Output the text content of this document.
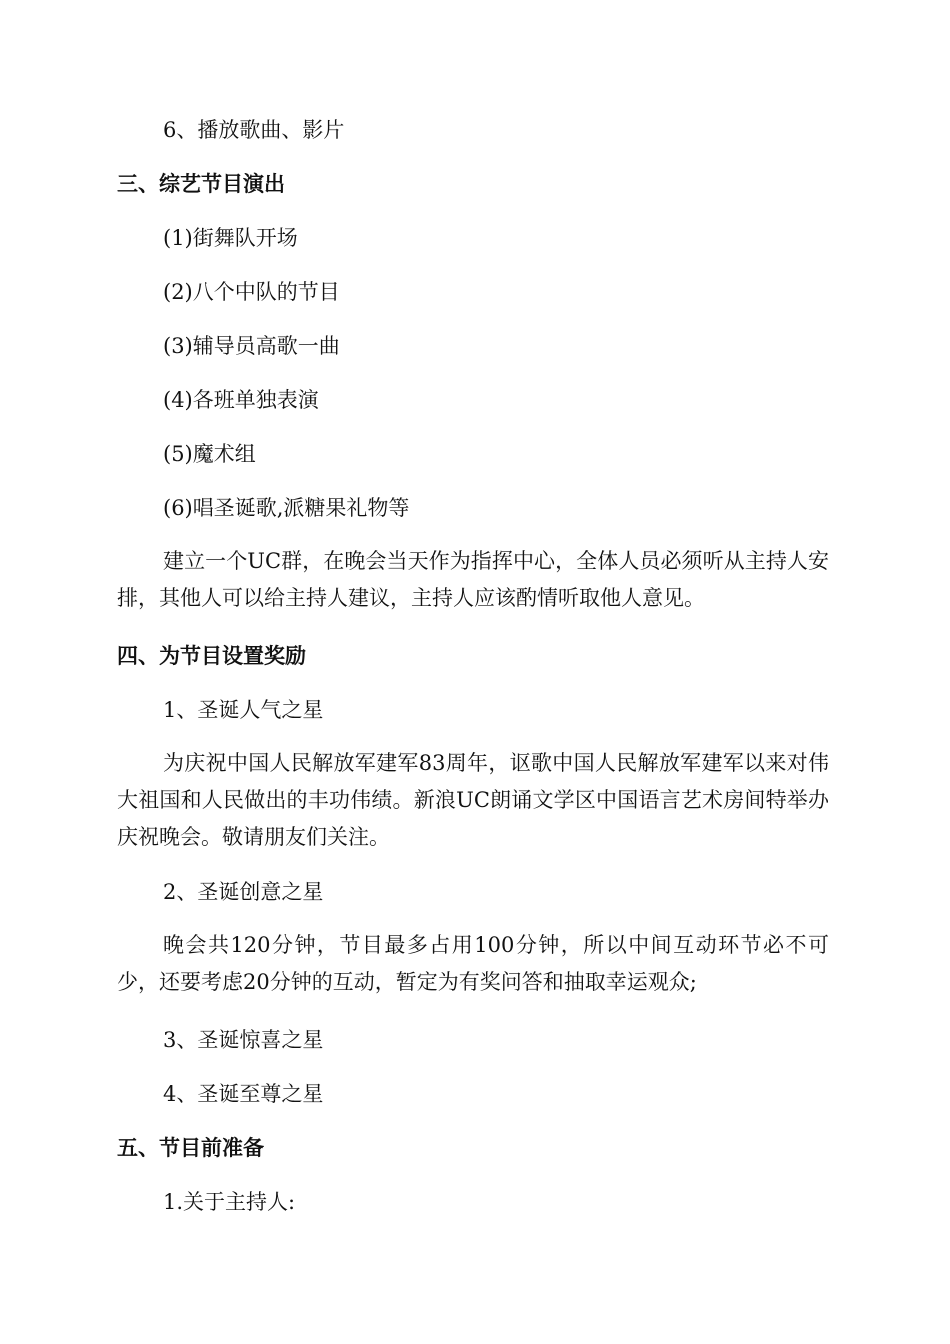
6、播放歌曲、影片
三、综艺节目演出
(1)街舞队开场
(2)八个中队的节目
(3)辅导员高歌一曲
(4)各班单独表演
(5)魔术组
(6)唱圣诞歌,派糖果礼物等
建立一个UC群，在晚会当天作为指挥中心，全体人员必须听从主持人安排，其他人可以给主持人建议，主持人应该酌情听取他人意见。
四、为节目设置奖励
1、圣诞人气之星
为庆祝中国人民解放军建军83周年，讴歌中国人民解放军建军以来对伟大祖国和人民做出的丰功伟绩。新浪UC朗诵文学区中国语言艺术房间特举办庆祝晚会。敬请朋友们关注。
2、圣诞创意之星
晚会共120分钟，节目最多占用100分钟，所以中间互动环节必不可少，还要考虑20分钟的互动，暂定为有奖问答和抽取幸运观众;
3、圣诞惊喜之星
4、圣诞至尊之星
五、节目前准备
1.关于主持人:
